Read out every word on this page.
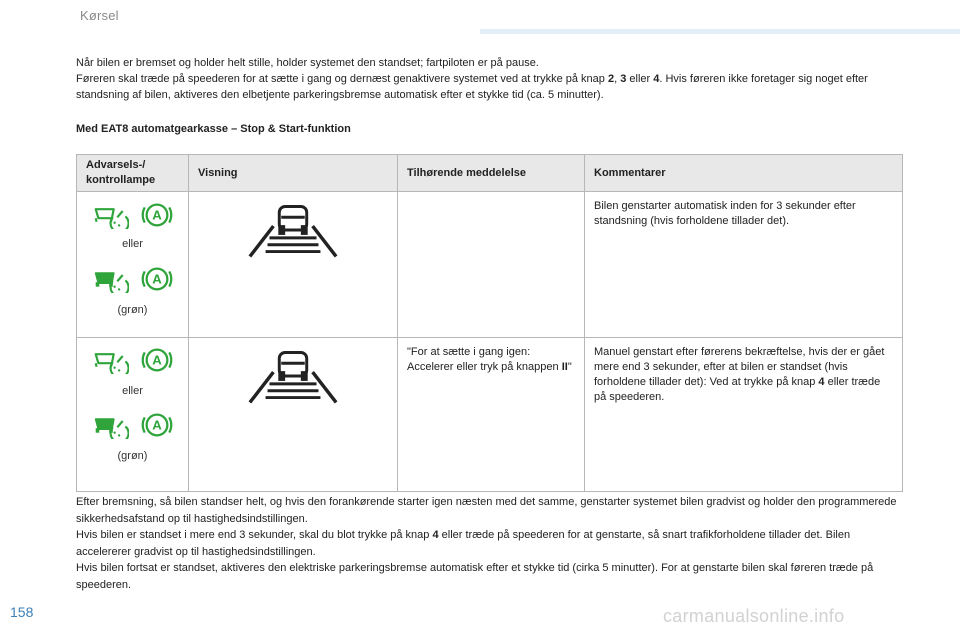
Kørsel

Når bilen er bremset og holder helt stille, holder systemet den standset; fartpiloten er på pause.

Føreren skal træde på speederen for at sætte i gang og dernæst genaktivere systemet ved at trykke på knap 2, 3 eller 4. Hvis føreren ikke foretager sig noget efter standsning af bilen, aktiveres den elbetjente parkeringsbremse automatisk efter et stykke tid (ca. 5 minutter).

Med EAT8 automatgearkasse – Stop & Start-funktion
Advarsels-/ kontrollampe	Visning	Tilhørende meddelelse	Kommentarer

eller
(grøn)			Bilen genstarter automatisk inden for 3 sekunder efter standsning (hvis forholdene tillader det).

eller
(grøn)		"For at sætte i gang igen: Accelerer eller tryk på knappen II"	Manuel genstart efter førerens bekræftelse, hvis der er gået mere end 3 sekunder, efter at bilen er standset (hvis forholdene tillader det): Ved at trykke på knap 4 eller træde på speederen.

Efter bremsning, så bilen standser helt, og hvis den forankørende starter igen næsten med det samme, genstarter systemet bilen gradvist og holder den programmerede sikkerhedsafstand op til hastighedsindstillingen.

Hvis bilen er standset i mere end 3 sekunder, skal du blot trykke på knap 4 eller træde på speederen for at genstarte, så snart trafikforholdene tillader det. Bilen accelererer gradvist op til hastighedsindstillingen.

Hvis bilen fortsat er standset, aktiveres den elektriske parkeringsbremse automatisk efter et stykke tid (cirka 5 minutter). For at genstarte bilen skal føreren træde på speederen.

158	carmanualsonline.info
